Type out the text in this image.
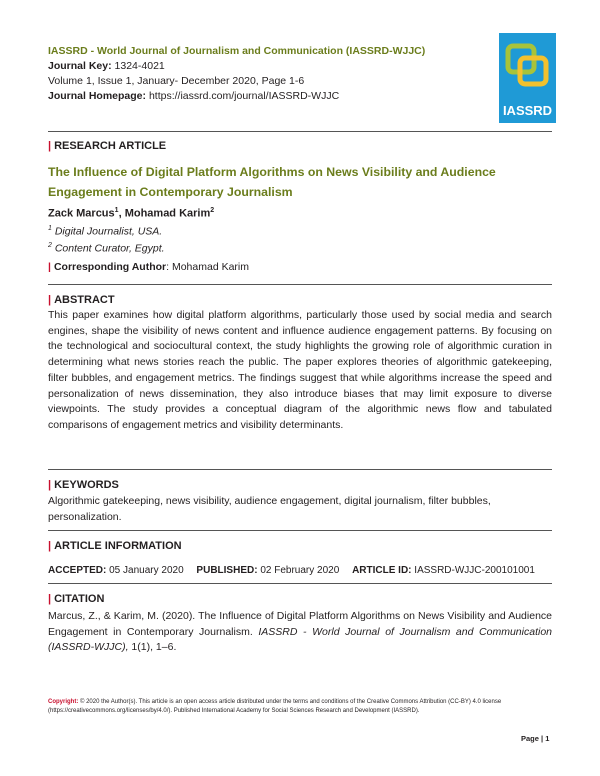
IASSRD - World Journal of Journalism and Communication (IASSRD-WJJC)
Journal Key: 1324-4021
Volume 1, Issue 1, January- December 2020, Page 1-6
Journal Homepage: https://iassrd.com/journal/IASSRD-WJJC
IASSRD
| RESEARCH ARTICLE
The Influence of Digital Platform Algorithms on News Visibility and Audience Engagement in Contemporary Journalism
Zack Marcus$^1$, Mohamad Karim$^2$
$^1$ Digital Journalist, USA.
$^2$ Content Curator, Egypt.
| Corresponding Author: Mohamad Karim
| ABSTRACT
This paper examines how digital platform algorithms, particularly those used by social media and search engines, shape the visibility of news content and influence audience engagement patterns. By focusing on the technological and sociocultural context, the study highlights the growing role of algorithmic curation in determining what news stories reach the public. The paper explores theories of algorithmic gatekeeping, filter bubbles, and engagement metrics. The findings suggest that while algorithms increase the speed and personalization of news dissemination, they also introduce biases that may limit exposure to diverse viewpoints. The study provides a conceptual diagram of the algorithmic news flow and tabulated comparisons of engagement metrics and visibility determinants.
| KEYWORDS
Algorithmic gatekeeping, news visibility, audience engagement, digital journalism, filter bubbles, personalization.
| ARTICLE INFORMATION
ACCEPTED: 05 January 2020 PUBLISHED: 02 February 2020 ARTICLE ID: IASSRD-WJJC-200101001
| CITATION
Marcus, Z., & Karim, M. (2020). The Influence of Digital Platform Algorithms on News Visibility and Audience Engagement in Contemporary Journalism. IASSRD - World Journal of Journalism and Communication (IASSRD-WJJC), 1(1), 1–6.
Copyright: © 2020 the Author(s). This article is an open access article distributed under the terms and conditions of the Creative Commons Attribution (CC-BY) 4.0 license (https://creativecommons.org/licenses/by/4.0/). Published International Academy for Social Sciences Research and Development (IASSRD).
Page | 1
